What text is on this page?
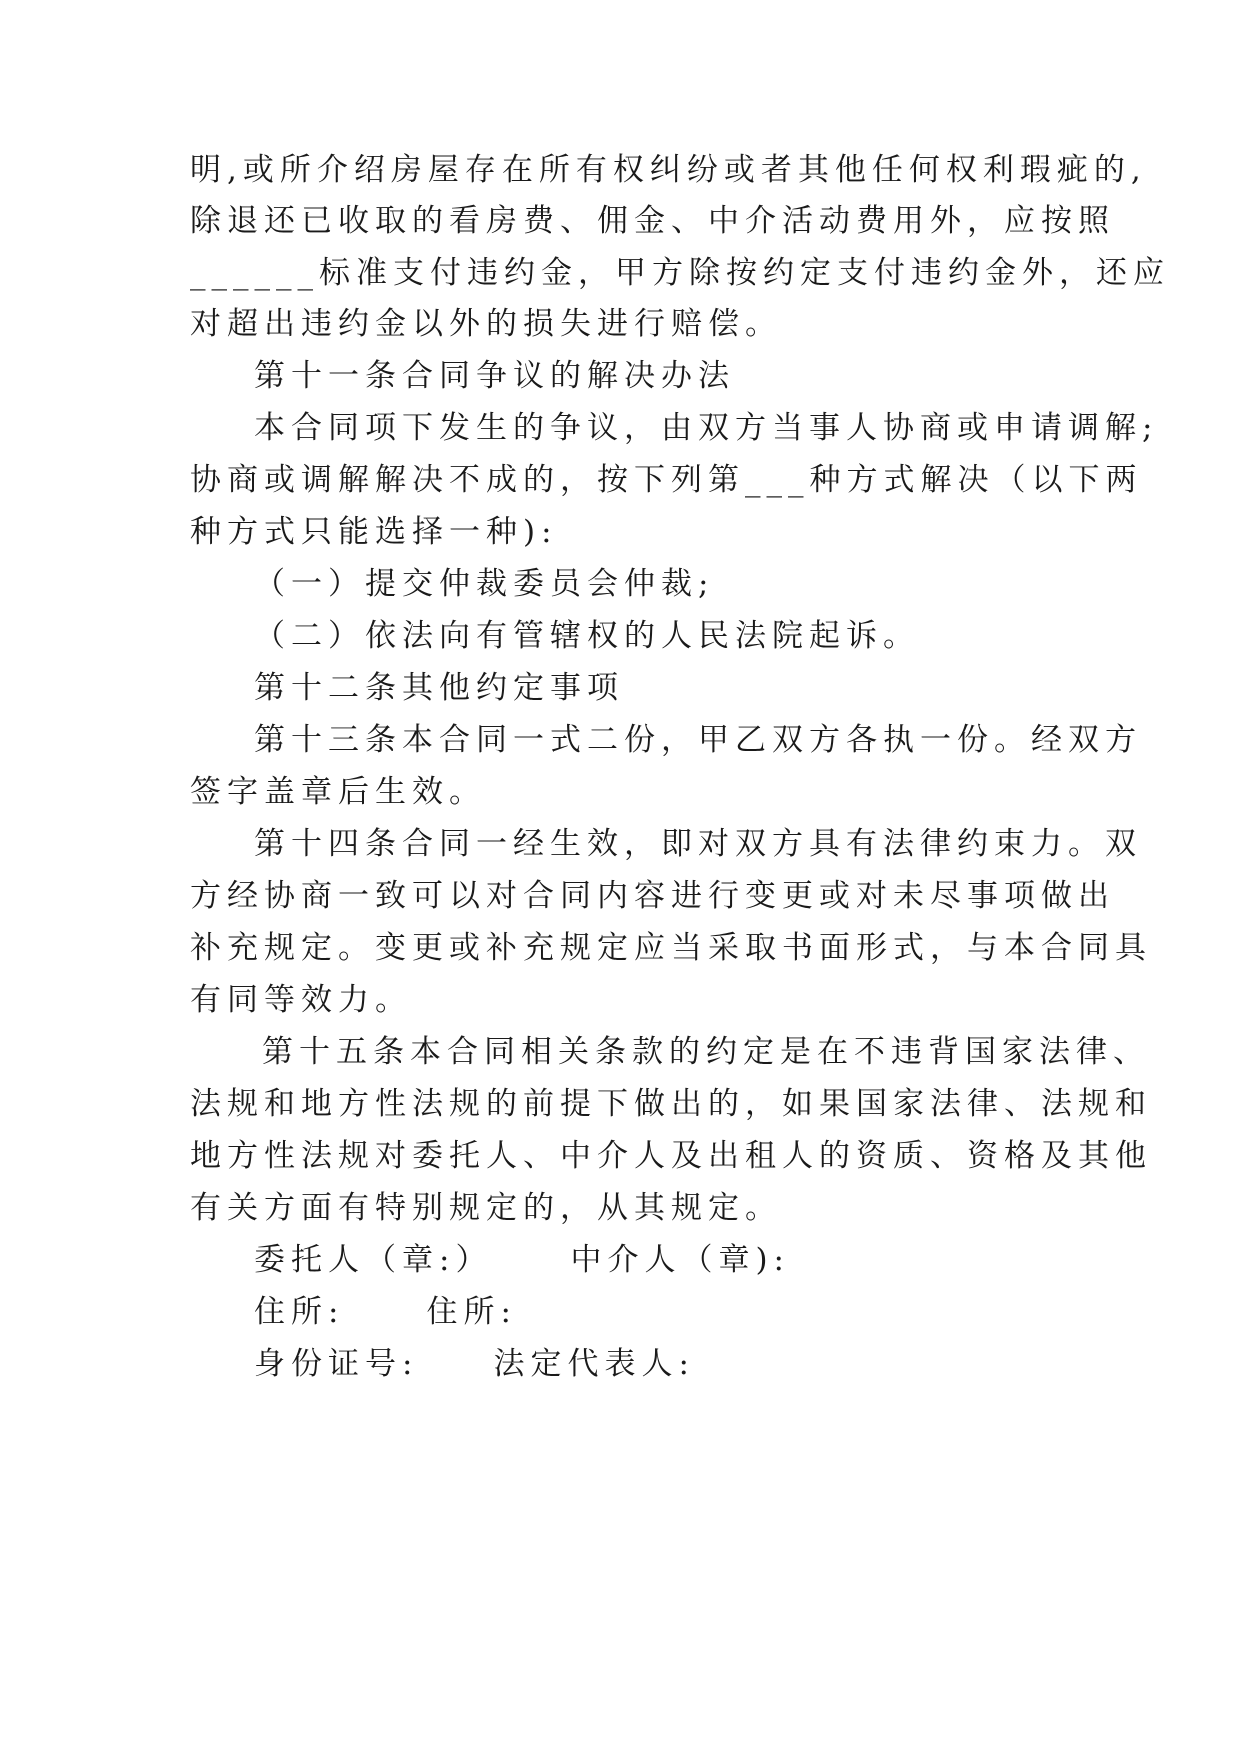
明,或所介绍房屋存在所有权纠纷或者其他任何权利瑕疵的,
除退还已收取的看房费、佣金、中介活动费用外，应按照
______标准支付违约金，甲方除按约定支付违约金外，还应
对超出违约金以外的损失进行赔偿。
第十一条合同争议的解决办法
本合同项下发生的争议，由双方当事人协商或申请调解;
协商或调解解决不成的，按下列第___种方式解决（以下两
种方式只能选择一种):
（一）提交仲裁委员会仲裁;
（二）依法向有管辖权的人民法院起诉。
第十二条其他约定事项
第十三条本合同一式二份，甲乙双方各执一份。经双方
签字盖章后生效。
第十四条合同一经生效，即对双方具有法律约束力。双
方经协商一致可以对合同内容进行变更或对未尽事项做出
补充规定。变更或补充规定应当采取书面形式，与本合同具
有同等效力。
第十五条本合同相关条款的约定是在不违背国家法律、
法规和地方性法规的前提下做出的，如果国家法律、法规和
地方性法规对委托人、中介人及出租人的资质、资格及其他
有关方面有特别规定的，从其规定。
委托人（章:）	中介人（章):
住所:	住所:
身份证号: 法定代表人:
